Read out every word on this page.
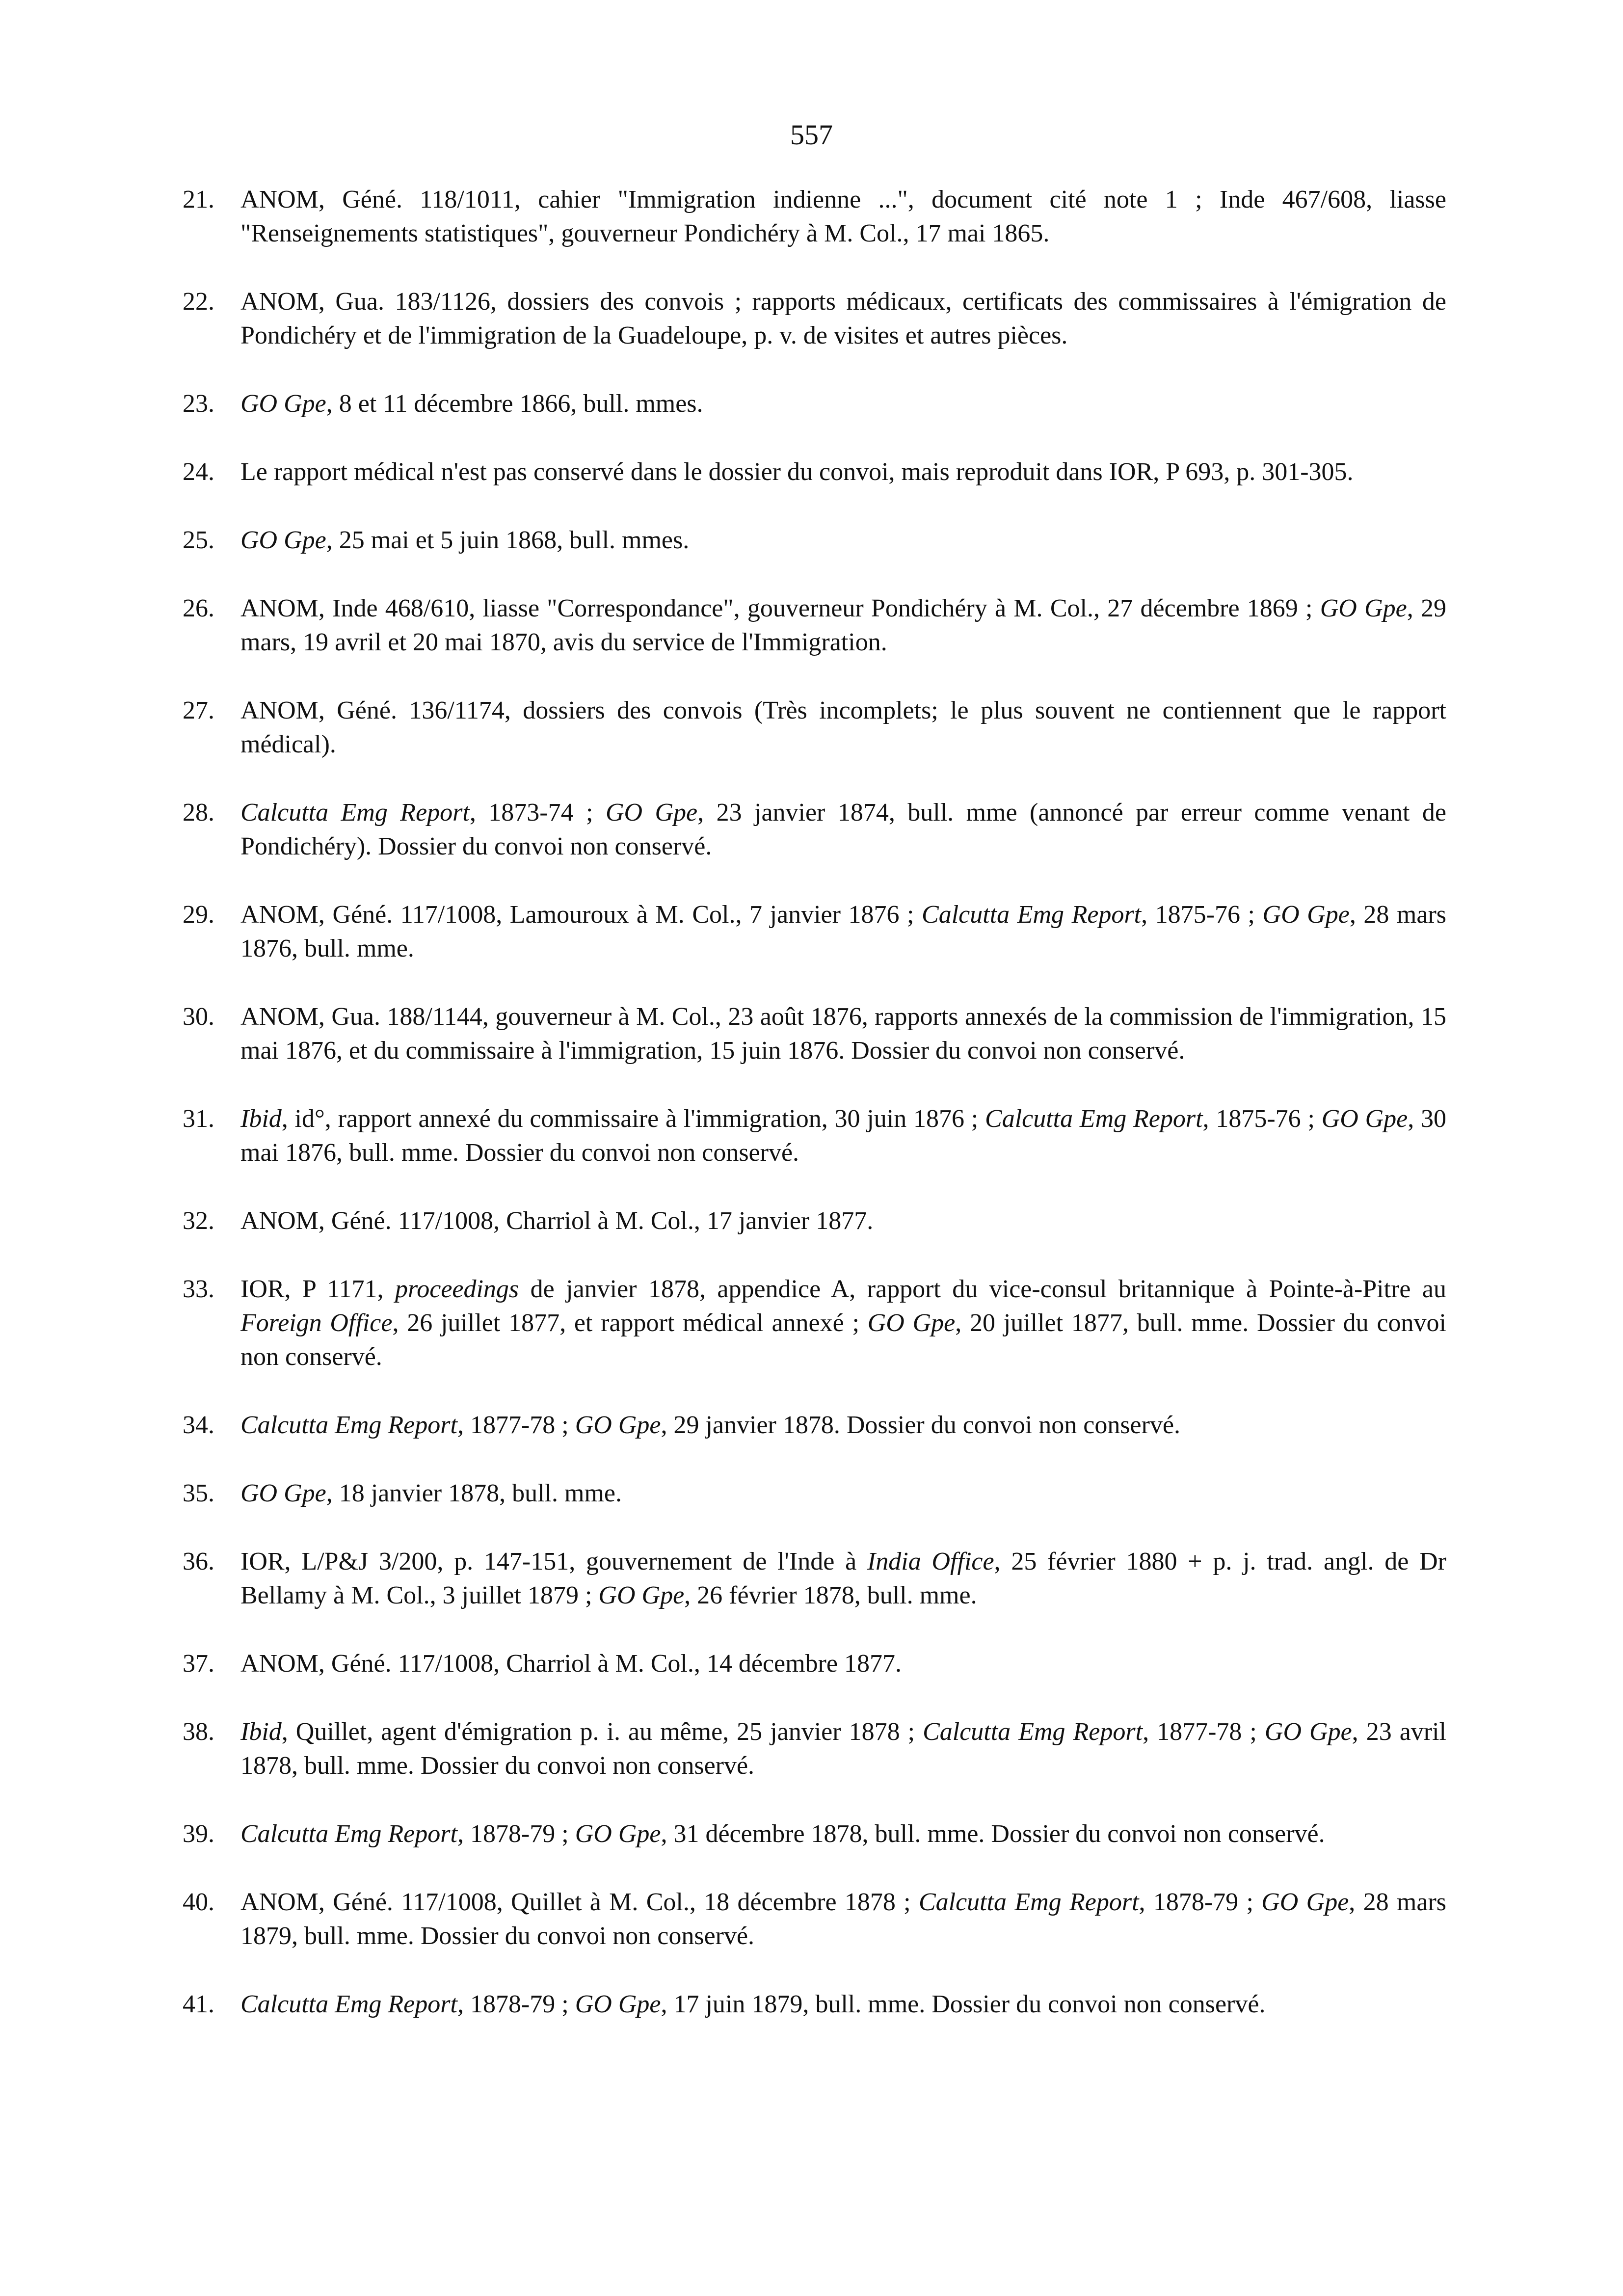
557
21.	ANOM, Géné. 118/1011, cahier "Immigration indienne ...", document cité note 1 ; Inde 467/608, liasse "Renseignements statistiques", gouverneur Pondichéry à M. Col., 17 mai 1865.
22.	ANOM, Gua. 183/1126, dossiers des convois ; rapports médicaux, certificats des commissaires à l'émigration de Pondichéry et de l'immigration de la Guadeloupe, p. v. de visites et autres pièces.
23.	GO Gpe, 8 et 11 décembre 1866, bull. mmes.
24.	Le rapport médical n'est pas conservé dans le dossier du convoi, mais reproduit dans IOR, P 693, p. 301-305.
25.	GO Gpe, 25 mai et 5 juin 1868, bull. mmes.
26.	ANOM, Inde 468/610, liasse "Correspondance", gouverneur Pondichéry à M. Col., 27 décembre 1869 ; GO Gpe, 29 mars, 19 avril et 20 mai 1870, avis du service de l'Immigration.
27.	ANOM, Géné. 136/1174, dossiers des convois (Très incomplets; le plus souvent ne contiennent que le rapport médical).
28.	Calcutta Emg Report, 1873-74 ; GO Gpe, 23 janvier 1874, bull. mme (annoncé par erreur comme venant de Pondichéry). Dossier du convoi non conservé.
29.	ANOM, Géné. 117/1008, Lamouroux à M. Col., 7 janvier 1876 ; Calcutta Emg Report, 1875-76 ; GO Gpe, 28 mars 1876, bull. mme.
30.	ANOM, Gua. 188/1144, gouverneur à M. Col., 23 août 1876, rapports annexés de la commission de l'immigration, 15 mai 1876, et du commissaire à l'immigration, 15 juin 1876. Dossier du convoi non conservé.
31.	Ibid, id°, rapport annexé du commissaire à l'immigration, 30 juin 1876 ; Calcutta Emg Report, 1875-76 ; GO Gpe, 30 mai 1876, bull. mme. Dossier du convoi non conservé.
32.	ANOM, Géné. 117/1008, Charriol à M. Col., 17 janvier 1877.
33.	IOR, P 1171, proceedings de janvier 1878, appendice A, rapport du vice-consul britannique à Pointe-à-Pitre au Foreign Office, 26 juillet 1877, et rapport médical annexé ; GO Gpe, 20 juillet 1877, bull. mme. Dossier du convoi non conservé.
34.	Calcutta Emg Report, 1877-78 ; GO Gpe, 29 janvier 1878. Dossier du convoi non conservé.
35.	GO Gpe, 18 janvier 1878, bull. mme.
36.	IOR, L/P&J 3/200, p. 147-151, gouvernement de l'Inde à India Office, 25 février 1880 + p. j. trad. angl. de Dr Bellamy à M. Col., 3 juillet 1879 ; GO Gpe, 26 février 1878, bull. mme.
37.	ANOM, Géné. 117/1008, Charriol à M. Col., 14 décembre 1877.
38.	Ibid, Quillet, agent d'émigration p. i. au même, 25 janvier 1878 ; Calcutta Emg Report, 1877-78 ; GO Gpe, 23 avril 1878, bull. mme. Dossier du convoi non conservé.
39.	Calcutta Emg Report, 1878-79 ; GO Gpe, 31 décembre 1878, bull. mme. Dossier du convoi non conservé.
40.	ANOM, Géné. 117/1008, Quillet à M. Col., 18 décembre 1878 ; Calcutta Emg Report, 1878-79 ; GO Gpe, 28 mars 1879, bull. mme. Dossier du convoi non conservé.
41.	Calcutta Emg Report, 1878-79 ; GO Gpe, 17 juin 1879, bull. mme. Dossier du convoi non conservé.
